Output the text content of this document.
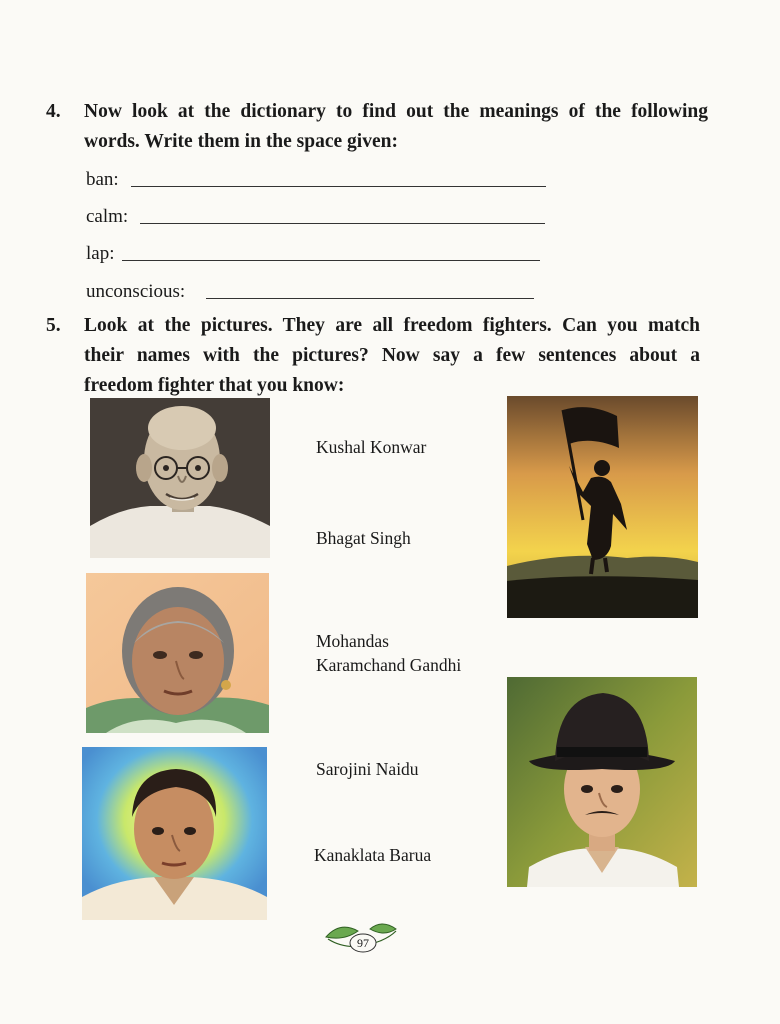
4. Now look at the dictionary to find out the meanings of the following
words. Write them in the space given:
ban:
calm:
lap:
unconscious:
5. Look at the pictures. They are all freedom fighters. Can you match
their names with the pictures? Now say a few sentences about a
freedom fighter that you know:
Kushal Konwar
Bhagat Singh
Mohandas
Karamchand Gandhi
Sarojini Naidu
Kanaklata Barua
97
